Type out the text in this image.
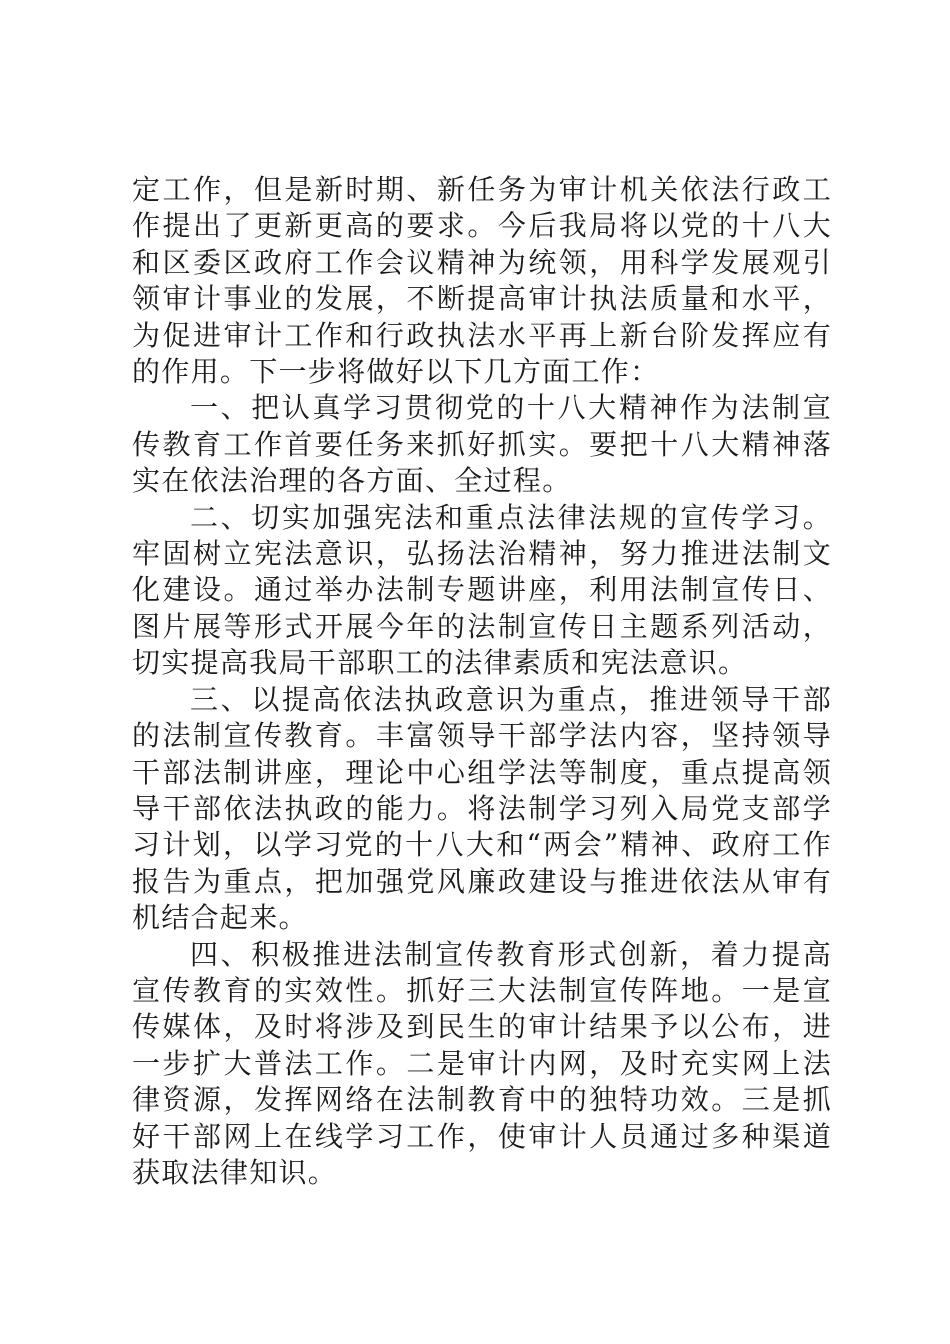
定工作，但是新时期、新任务为审计机关依法行政工作提出了更新更高的要求。今后我局将以党的十八大和区委区政府工作会议精神为统领，用科学发展观引领审计事业的发展，不断提高审计执法质量和水平，为促进审计工作和行政执法水平再上新台阶发挥应有的作用。下一步将做好以下几方面工作：

一、把认真学习贯彻党的十八大精神作为法制宣传教育工作首要任务来抓好抓实。要把十八大精神落实在依法治理的各方面、全过程。

二、切实加强宪法和重点法律法规的宣传学习。牢固树立宪法意识，弘扬法治精神，努力推进法制文化建设。通过举办法制专题讲座，利用法制宣传日、图片展等形式开展今年的法制宣传日主题系列活动，切实提高我局干部职工的法律素质和宪法意识。

三、以提高依法执政意识为重点，推进领导干部的法制宣传教育。丰富领导干部学法内容，坚持领导干部法制讲座，理论中心组学法等制度，重点提高领导干部依法执政的能力。将法制学习列入局党支部学习计划，以学习党的十八大和“两会”精神、政府工作报告为重点，把加强党风廉政建设与推进依法从审有机结合起来。

四、积极推进法制宣传教育形式创新，着力提高宣传教育的实效性。抓好三大法制宣传阵地。一是宣传媒体，及时将涉及到民生的审计结果予以公布，进一步扩大普法工作。二是审计内网，及时充实网上法律资源，发挥网络在法制教育中的独特功效。三是抓好干部网上在线学习工作，使审计人员通过多种渠道获取法律知识。
